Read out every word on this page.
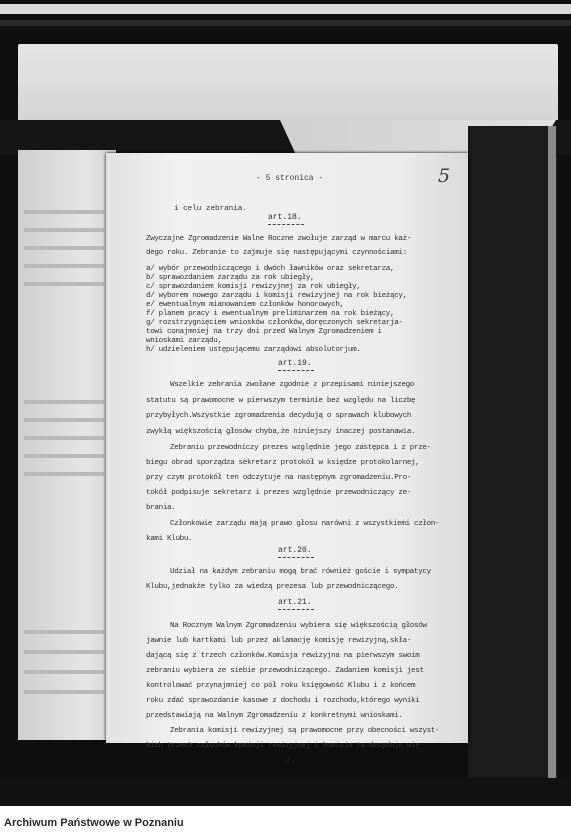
- 5 stronica -	5
i celu zebrania.
art.18.
Zwyczajne Zgromadzenie Walne Roczne zwołuje zarząd w marcu każ-
dego roku. Zebranie to zajmuje się następującymi czynnościami:
a/ wybór przewodniczącego i dwóch ławników oraz sekretarza,
b/ sprawozdaniem zarządu za rok ubiegły,
c/ sprawozdaniem komisji rewizyjnej za rok ubiegły,
d/ wyborem nowego zarządu i komisji rewizyjnej na rok bieżący,
e/ ewentualnym mianowaniem członków honorowych,
f/ planem pracy i ewentualnym preliminarzem na rok bieżący,
g/ rozstrzygnięciem wniosków członków,doręczonych sekretarja-
towi conajmniej na trzy dni przed Walnym Zgromadzeniem i
wnioskami zarządu,
h/ udzieleniem ustępującemu zarządowi absolutorjum.
art.19.
Wszelkie zebrania zwołane zgodnie z przepisami niniejszego
statutu są prawomocne w pierwszym terminie bez względu na liczbę
przybyłych.Wszystkie zgromadzenia decydują o sprawach klubowych
zwykłą większością głosów chyba,że niniejszy inaczej postanawia.
Zebraniu przewodniczy prezes względnie jego zastępca i z prze-
biegu obrad sporządza sekretarz protokół w księdze protokolarnej,
przy czym protokół ten odczytuje na następnym zgromadzeniu.Pro-
tokół podpisuje sekretarz i prezes względnie przewodniczący ze-
brania.
Członkowie zarządu mają prawo głosu narówni z wszystkiemi człon-
kami Klubu.
art.20.
Udział na każdym zebraniu mogą brać również goście i sympatycy
Klubu,jednakże tylko za wiedzą prezesa lub przewodniczącego.
art.21.
Na Rocznym Walnym Zgromadzeniu wybiera się większością głosów
jawnie lub kartkami lub przez aklamację komisję rewizyjną,skła-
dającą się z trzech członków.Komisja rewizyjna na pierwszym swoim
zebraniu wybiera ze siebie przewodniczącego. Zadaniem komisji jest
kontrolować przynajmniej co pół roku księgowość Klubu i z końcem
roku zdać sprawozdanie kasowe z dochodu i rozchodu,którego wyniki
przedstawiają na Walnym Zgromadzeniu z konkretnymi wnioskami.
Zebrania komisji rewizyjnej są prawomocne przy obecności wszyst-
kich trzech członków komisji rewizyjnej i komisja ta decyduje wię-
./.
Archiwum Państwowe w Poznaniu
